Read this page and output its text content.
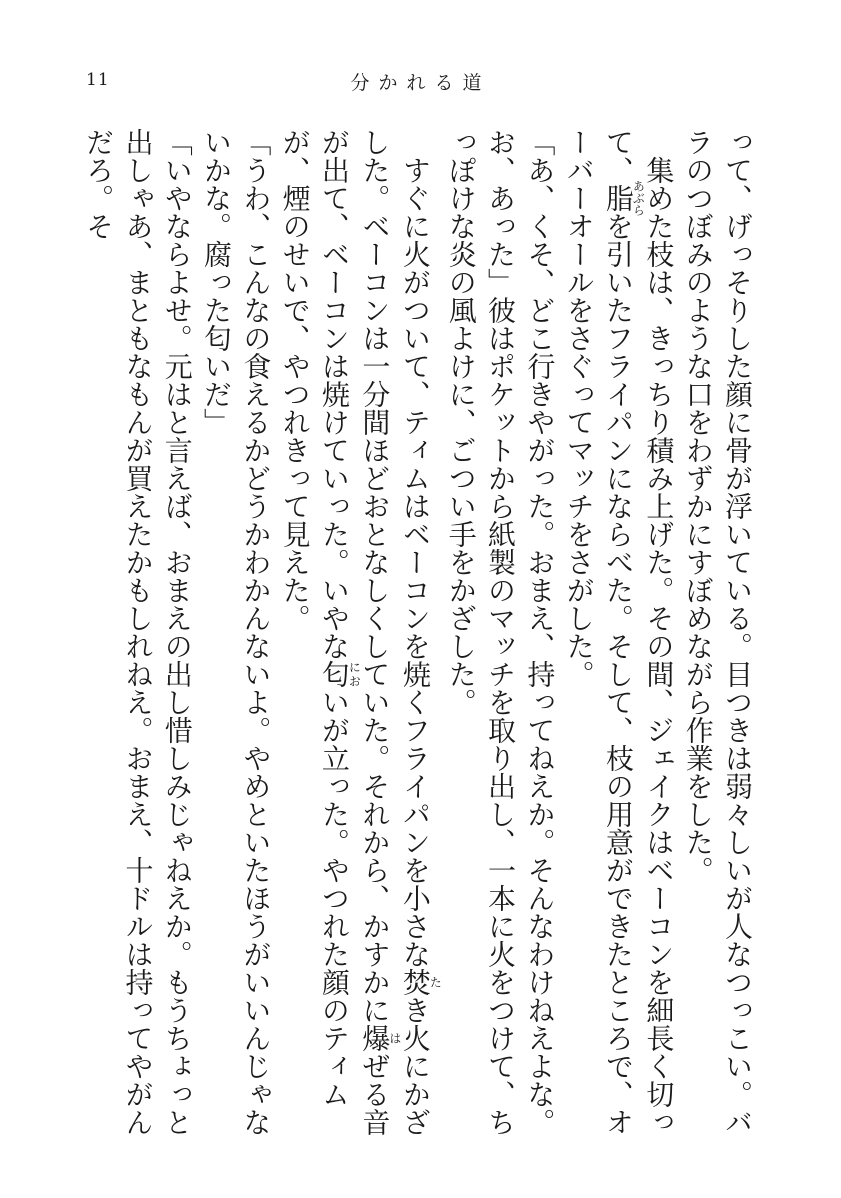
11	分かれる道

って、げっそりした顔に骨が浮いている。目つきは弱々しいが人なつっこい。バラのつぼみのような口をわずかにすぼめながら作業をした。

集めた枝は、きっちり積み上げた。その間、ジェイクはベーコンを細長く切って、脂あぶらを引いたフライパンにならべた。そして、枝の用意ができたところで、オーバーオールをさぐってマッチをさがした。

「あ、くそ、どこ行きやがった。おまえ、持ってねえか。そんなわけねえよな。お、あった」彼はポケットから紙製のマッチを取り出し、一本に火をつけて、ちっぽけな炎の風よけに、ごつい手をかざした。

すぐに火がついて、ティムはベーコンを焼くフライパンを小さな焚たき火にかざした。ベーコンは一分間ほどおとなしくしていた。それから、かすかに爆はぜる音が出て、ベーコンは焼けていった。いやな匂においが立った。やつれた顔のティムが、煙のせいで、やつれきって見えた。

「うわ、こんなの食えるかどうかわかんないよ。やめといたほうがいいんじゃないかな。腐った匂いだ」

「いやならよせ。元はと言えば、おまえの出し惜しみじゃねえか。もうちょっと出しゃあ、まともなもんが買えたかもしれねえ。おまえ、十ドルは持ってやがんだろ。そ
